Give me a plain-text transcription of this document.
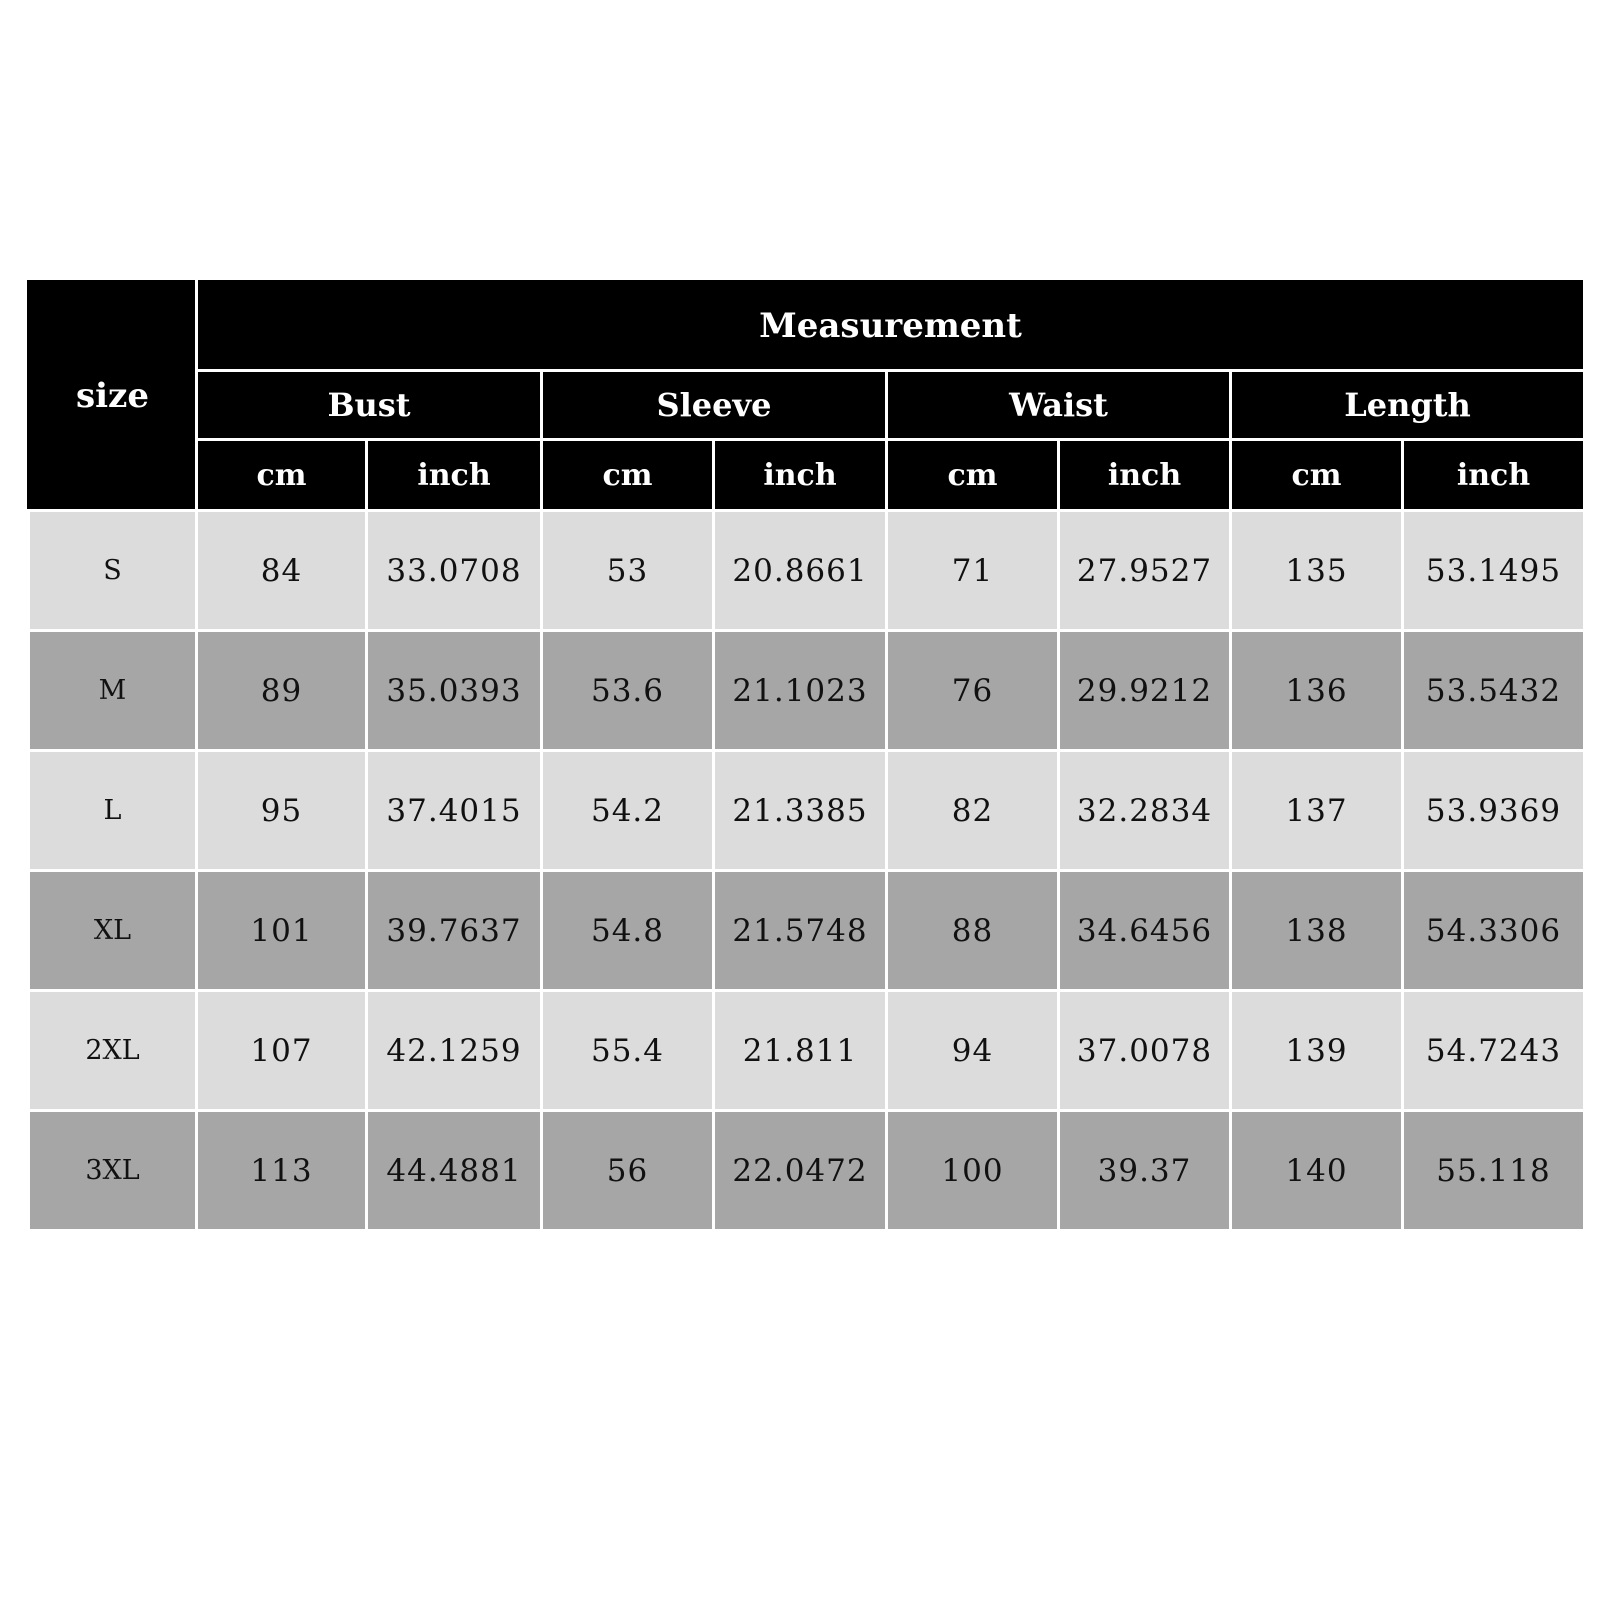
size	Measurement							
	Bust		Sleeve		Waist		Length	
	cm	inch	cm	inch	cm	inch	cm	inch
S	84	33.0708	53	20.8661	71	27.9527	135	53.1495
M	89	35.0393	53.6	21.1023	76	29.9212	136	53.5432
L	95	37.4015	54.2	21.3385	82	32.2834	137	53.9369
XL	101	39.7637	54.8	21.5748	88	34.6456	138	54.3306
2XL	107	42.1259	55.4	21.811	94	37.0078	139	54.7243
3XL	113	44.4881	56	22.0472	100	39.37	140	55.118
